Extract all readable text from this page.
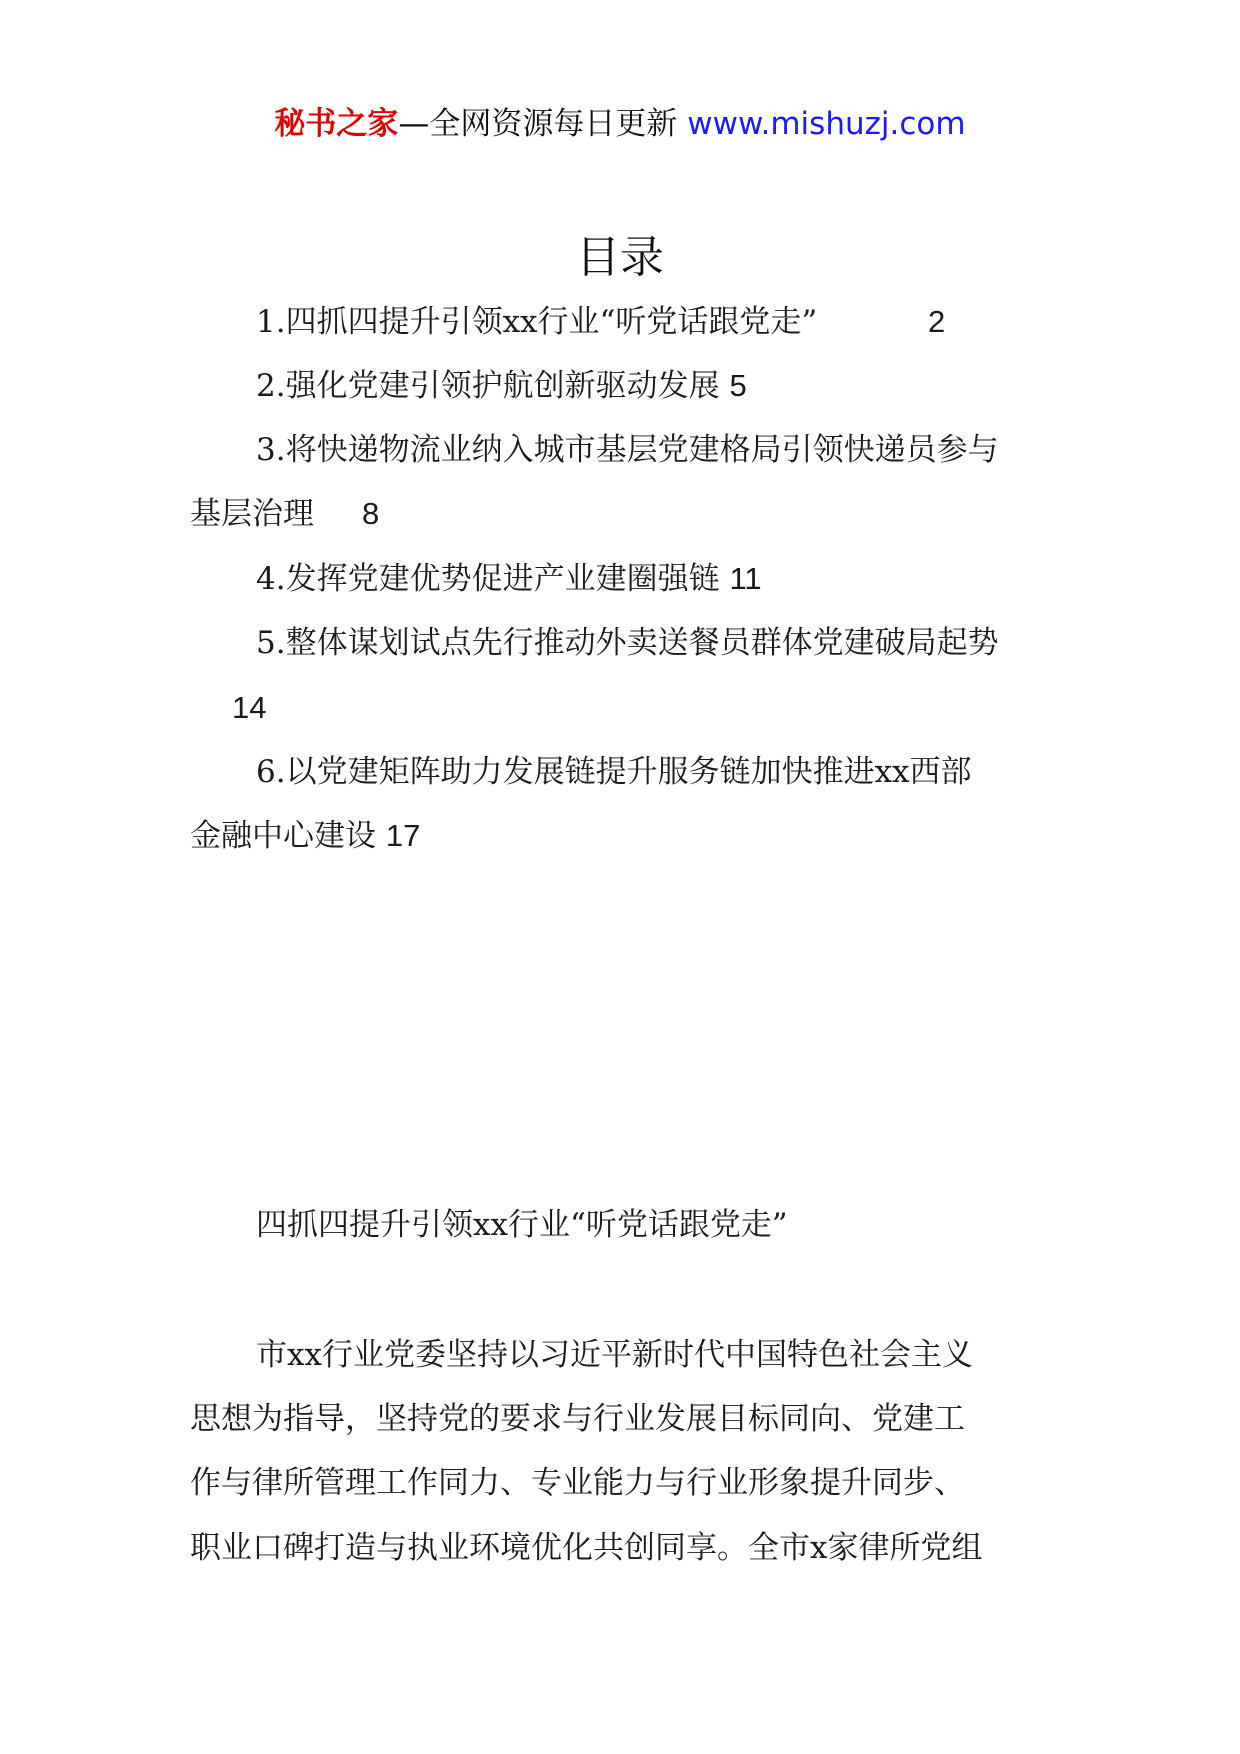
秘书之家—全网资源每日更新 www.mishuzj.com
目录
1.四抓四提升引领xx行业“听党话跟党走”	2
2.强化党建引领护航创新驱动发展 5
3.将快递物流业纳入城市基层党建格局引领快递员参与
基层治理 8
4.发挥党建优势促进产业建圈强链 11
5.整体谋划试点先行推动外卖送餐员群体党建破局起势
14
6.以党建矩阵助力发展链提升服务链加快推进xx西部
金融中心建设 17
四抓四提升引领xx行业“听党话跟党走”
市xx行业党委坚持以习近平新时代中国特色社会主义
思想为指导，坚持党的要求与行业发展目标同向、党建工
作与律所管理工作同力、专业能力与行业形象提升同步、
职业口碑打造与执业环境优化共创同享。全市x家律所党组
